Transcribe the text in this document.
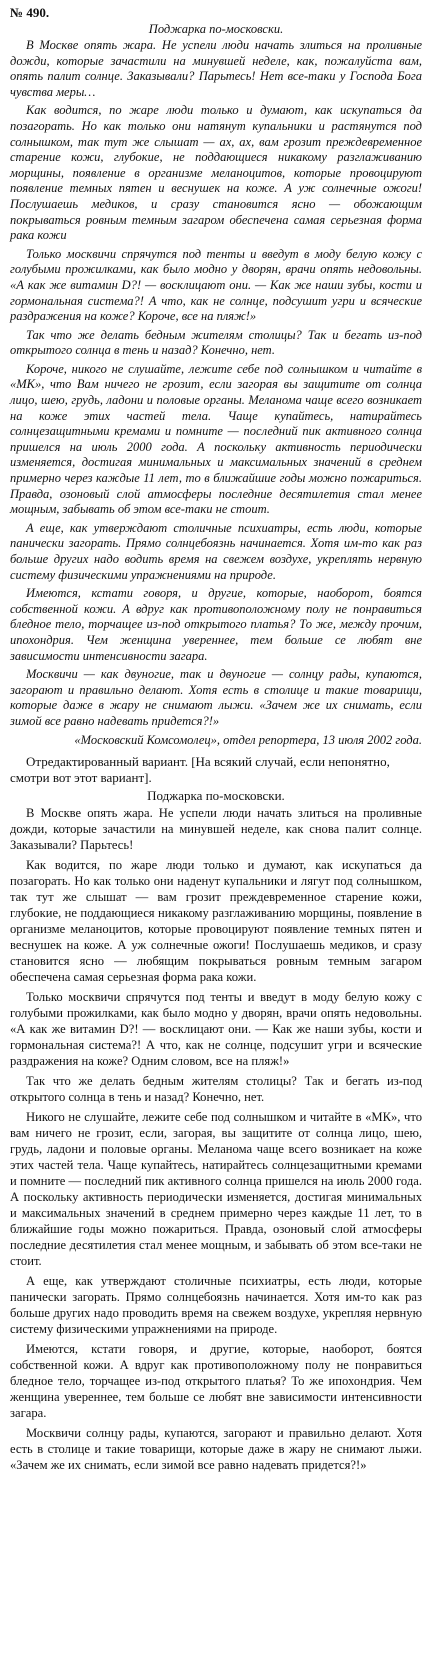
№ 490.
Поджарка по-московски.

В Москве опять жара. Не успели люди начать злиться на проливные дожди, которые зачастили на минувшей неделе, как, пожалуйста вам, опять палит солнце. Заказывали? Парьтесь! Нет все-таки у Господа Бога чувства меры…

Как водится, по жаре люди только и думают, как искупаться да позагорать. Но как только они натянут купальники и растянутся под солнышком, так тут же слышат — ах, ах, вам грозит преждевременное старение кожи, глубокие, не поддающиеся никакому разглаживанию морщины, появление в организме меланоцитов, которые провоцируют появление темных пятен и веснушек на коже. А уж солнечные ожоги! Послушаешь медиков, и сразу становится ясно — обожающим покрываться ровным темным загаром обеспечена самая серьезная форма рака кожи

Только москвичи спрячутся под тенты и введут в моду белую кожу с голубыми прожилками, как было модно у дворян, врачи опять недовольны. «А как же витамин D?! — восклицают они. — Как же наши зубы, кости и гормональная система?! А что, как не солнце, подсушит угри и всяческие раздражения на коже? Короче, все на пляж!»

Так что же делать бедным жителям столицы? Так и бегать из-под открытого солнца в тень и назад? Конечно, нет.

Короче, никого не слушайте, лежите себе под солнышком и читайте в «МК», что Вам ничего не грозит, если загорая вы защитите от солнца лицо, шею, грудь, ладони и половые органы. Меланома чаще всего возникает на коже этих частей тела. Чаще купайтесь, натирайтесь солнцезащитными кремами и помните — последний пик активного солнца пришелся на июль 2000 года. А поскольку активность периодически изменяется, достигая минимальных и максимальных значений в среднем примерно через каждые 11 лет, то в ближайшие годы можно пожариться. Правда, озоновый слой атмосферы последние десятилетия стал менее мощным, забывать об этом все-таки не стоит.

А еще, как утверждают столичные психиатры, есть люди, которые панически загорать. Прямо солнцебоязнь начинается. Хотя им-то как раз больше других надо водить время на свежем воздухе, укреплять нервную систему физическими упражнениями на природе.

Имеются, кстати говоря, и другие, которые, наоборот, боятся собственной кожи. А вдруг как противоположному полу не понравиться бледное тело, торчащее из-под открытого платья? То же, между прочим, ипохондрия. Чем женщина увереннее, тем больше се любят вне зависимости интенсивности загара.

Москвичи — как двуногие, так и двуногие — солнцу рады, купаются, загорают и правильно делают. Хотя есть в столице и такие товарищи, которые даже в жару не снимают лыжи. «Зачем же их снимать, если зимой все равно надевать придется?!»

«Московский Комсомолец», отдел репортера, 13 июля 2002 года.
Отредактированный вариант. [На всякий случай, если непонятно, смотри вот этот вариант].
Поджарка по-московски.

В Москве опять жара. Не успели люди начать злиться на проливные дожди, которые зачастили на минувшей неделе, как снова палит солнце. Заказывали? Парьтесь!

Как водится, по жаре люди только и думают, как искупаться да позагорать. Но как только они наденут купальники и лягут под солнышком, так тут же слышат — вам грозит преждевременное старение кожи, глубокие, не поддающиеся никакому разглаживанию морщины, появление в организме меланоцитов, которые провоцируют появление темных пятен и веснушек на коже. А уж солнечные ожоги! Послушаешь медиков, и сразу становится ясно — любящим покрываться ровным темным загаром обеспечена самая серьезная форма рака кожи.

Только москвичи спрячутся под тенты и введут в моду белую кожу с голубыми прожилками, как было модно у дворян, врачи опять недовольны. «А как же витамин D?! — восклицают они. — Как же наши зубы, кости и гормональная система?! А что, как не солнце, подсушит угри и всяческие раздражения на коже? Одним словом, все на пляж!»

Так что же делать бедным жителям столицы? Так и бегать из-под открытого солнца в тень и назад? Конечно, нет.

Никого не слушайте, лежите себе под солнышком и читайте в «МК», что вам ничего не грозит, если, загорая, вы защитите от солнца лицо, шею, грудь, ладони и половые органы. Меланома чаще всего возникает на коже этих частей тела. Чаще купайтесь, натирайтесь солнцезащитными кремами и помните — последний пик активного солнца пришелся на июль 2000 года. А поскольку активность периодически изменяется, достигая минимальных и максимальных значений в среднем примерно через каждые 11 лет, то в ближайшие годы можно пожариться. Правда, озоновый слой атмосферы последние десятилетия стал менее мощным, и забывать об этом все-таки не стоит.

А еще, как утверждают столичные психиатры, есть люди, которые панически загорать. Прямо солнцебоязнь начинается. Хотя им-то как раз больше других надо проводить время на свежем воздухе, укрепляя нервную систему физическими упражнениями на природе.

Имеются, кстати говоря, и другие, которые, наоборот, боятся собственной кожи. А вдруг как противоположному полу не понравиться бледное тело, торчащее из-под открытого платья? То же ипохондрия. Чем женщина увереннее, тем больше се любят вне зависимости интенсивности загара.

Москвичи солнцу рады, купаются, загорают и правильно делают. Хотя есть в столице и такие товарищи, которые даже в жару не снимают лыжи. «Зачем же их снимать, если зимой все равно надевать придется?!»
